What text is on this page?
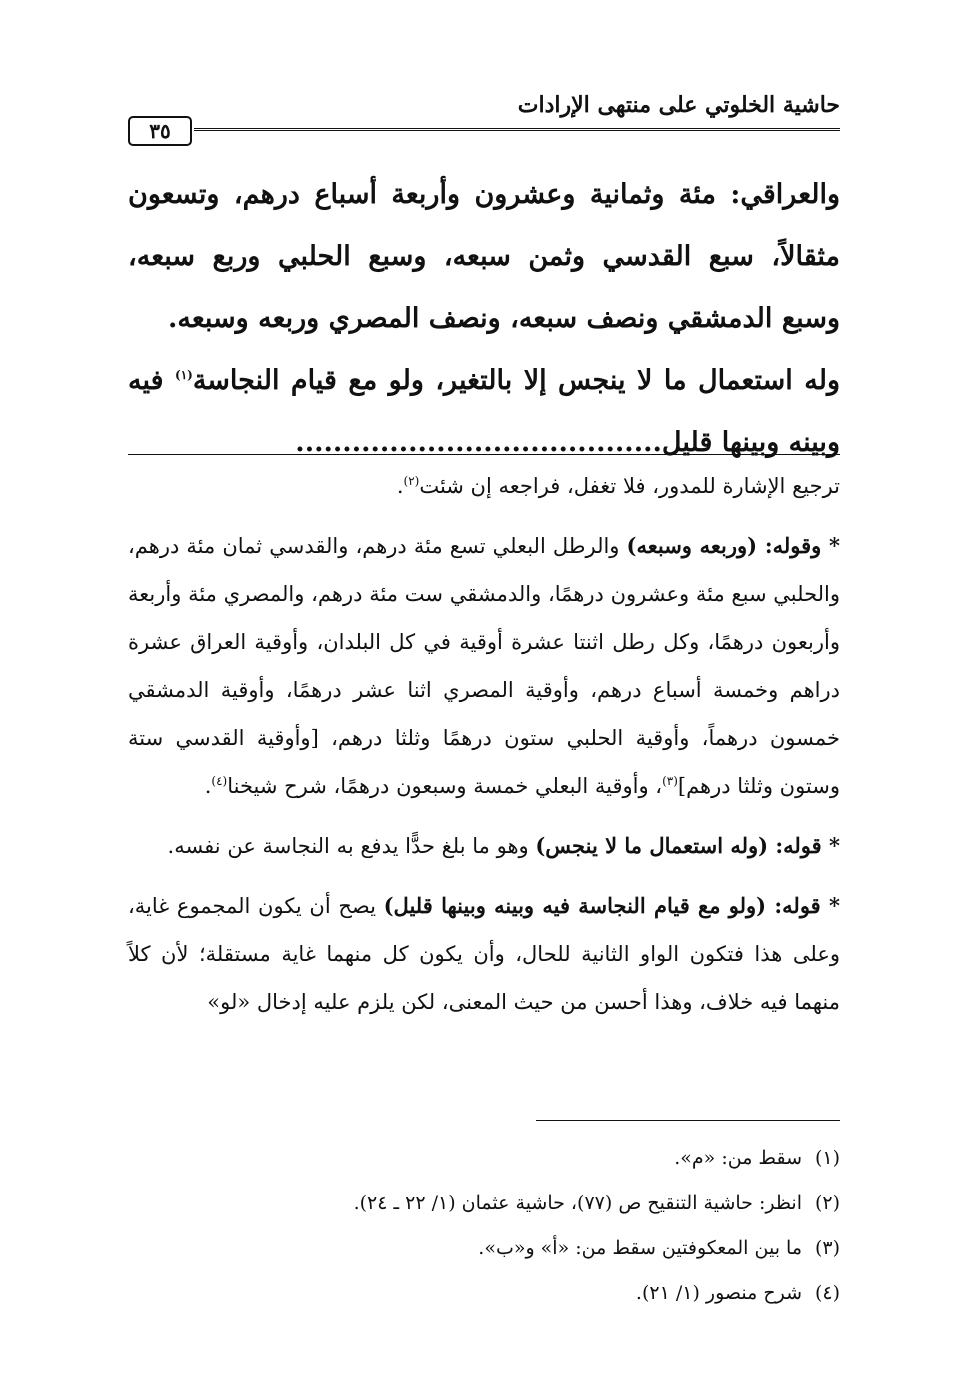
حاشية الخلوتي على منتهى الإرادات
٣٥

والعراقي: مئة وثمانية وعشرون وأربعة أسباع درهم، وتسعون مثقالاً، سبع القدسي وثمن سبعه، وسبع الحلبي وربع سبعه، وسبع الدمشقي ونصف سبعه، ونصف المصري وربعه وسبعه.

وله استعمال ما لا ينجس إلا بالتغير، ولو مع قيام النجاسة$^{(١)}$ فيه وبينه وبينها قليل.......................................

ترجيع الإشارة للمدور، فلا تغفل، فراجعه إن شئت$^{(٢)}$.

* وقوله: (وربعه وسبعه) والرطل البعلي تسع مئة درهم، والقدسي ثمان مئة درهم، والحلبي سبع مئة وعشرون درهمًا، والدمشقي ست مئة درهم، والمصري مئة وأربعة وأربعون درهمًا، وكل رطل اثنتا عشرة أوقية في كل البلدان، وأوقية العراق عشرة دراهم وخمسة أسباع درهم، وأوقية المصري اثنا عشر درهمًا، وأوقية الدمشقي خمسون درهماً، وأوقية الحلبي ستون درهمًا وثلثا درهم، [وأوقية القدسي ستة وستون وثلثا درهم]$^{(٣)}$، وأوقية البعلي خمسة وسبعون درهمًا، شرح شيخنا$^{(٤)}$.

* قوله: (وله استعمال ما لا ينجس) وهو ما بلغ حدًّا يدفع به النجاسة عن نفسه.

* قوله: (ولو مع قيام النجاسة فيه وبينه وبينها قليل) يصح أن يكون المجموع غاية، وعلى هذا فتكون الواو الثانية للحال، وأن يكون كل منهما غاية مستقلة؛ لأن كلاً منهما فيه خلاف، وهذا أحسن من حيث المعنى، لكن يلزم عليه إدخال «لو»

(١)سقط من: «م».
(٢)انظر: حاشية التنقيح ص (٧٧)، حاشية عثمان (١/ ٢٢ ـ ٢٤).
(٣)ما بين المعكوفتين سقط من: «أ» و«ب».
(٤)شرح منصور (١/ ٢١).
